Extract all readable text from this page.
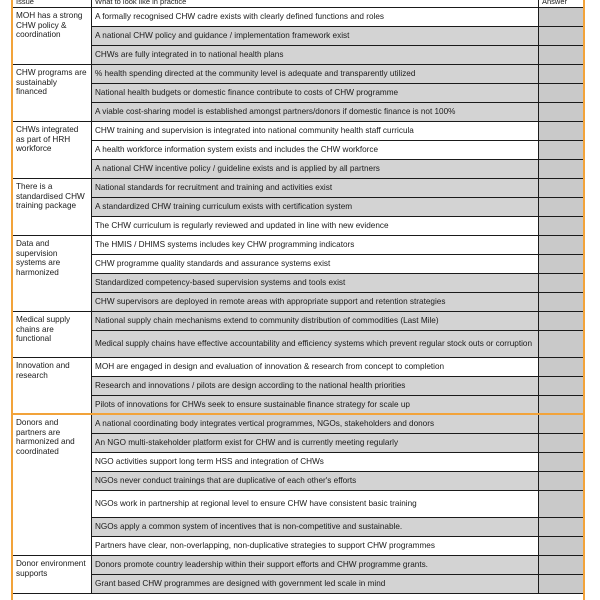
Issue	What to look like in practice	Answer
MOH has a strong CHW policy & coordination	A formally recognised CHW cadre exists with clearly defined functions and roles	
	A national CHW policy and guidance / implementation framework exist	
	CHWs are fully integrated in to national health plans	
CHW programs are sustainably financed	% health spending directed at the community level is adequate and transparently utilized	
	National health budgets or domestic finance contribute to costs of CHW programme	
	A viable cost-sharing model is established amongst partners/donors if domestic finance is not 100%	
CHWs integrated as part of HRH workforce	CHW training and supervision is integrated into national community health staff curricula	
	A health workforce information system exists and includes the CHW workforce	
	A national CHW incentive policy / guideline exists and is applied by all partners	
There is a standardised CHW training package	National standards for recruitment and training and activities exist	
	A standardized CHW training curriculum exists with certification system	
	The CHW curriculum is regularly reviewed and updated in line with new evidence	
Data and supervision systems are harmonized	The HMIS / DHIMS systems includes key CHW programming indicators	
	CHW programme quality standards and assurance systems exist	
	Standardized competency-based supervision systems and tools exist	
	CHW supervisors are deployed in remote areas with appropriate support and retention strategies	
Medical supply chains are functional	National supply chain mechanisms extend to community distribution of commodities (Last Mile)	
	Medical supply chains have effective accountability and efficiency systems which prevent regular stock outs or corruption	
Innovation and research	MOH are engaged in design and evaluation of innovation & research from concept to completion	
	Research and innovations / pilots are design according to the national health priorities	
	Pilots of innovations for CHWs seek to ensure sustainable finance strategy for scale up	
Donors and partners are harmonized and coordinated	A national coordinating body integrates vertical programmes, NGOs, stakeholders and donors	
	An NGO multi-stakeholder platform exist for CHW and is currently meeting regularly	
	NGO activities support long term HSS and integration of CHWs	
	NGOs never conduct trainings that are duplicative of each other's efforts	
	NGOs work in partnership at regional level to ensure CHW have consistent basic training	
	NGOs apply a common system of incentives that is non-competitive and sustainable.	
	Partners have clear, non-overlapping, non-duplicative strategies to support CHW programmes	
Donor environment supports	Donors promote country leadership within their support efforts and CHW programme grants.	
	Grant based CHW programmes are designed with government led scale in mind	
